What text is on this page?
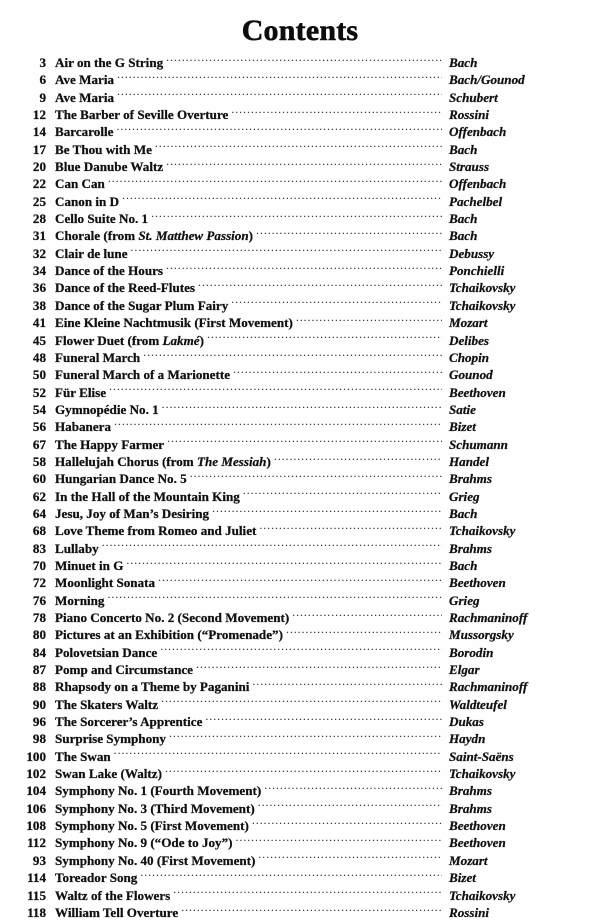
Contents
3 Air on the G String .....	Bach
6 Ave Maria .....	Bach/Gounod
9 Ave Maria .....	Schubert
12 The Barber of Seville Overture .....	Rossini
14 Barcarolle .....	Offenbach
17 Be Thou with Me .....	Bach
20 Blue Danube Waltz .....	Strauss
22 Can Can .....	Offenbach
25 Canon in D .....	Pachelbel
28 Cello Suite No. 1 .....	Bach
31 Chorale (from St. Matthew Passion) .....	Bach
32 Clair de lune .....	Debussy
34 Dance of the Hours .....	Ponchielli
36 Dance of the Reed-Flutes .....	Tchaikovsky
38 Dance of the Sugar Plum Fairy .....	Tchaikovsky
41 Eine Kleine Nachtmusik (First Movement) .....	Mozart
45 Flower Duet (from Lakmé) .....	Delibes
48 Funeral March .....	Chopin
50 Funeral March of a Marionette .....	Gounod
52 Für Elise .....	Beethoven
54 Gymnopédie No. 1 .....	Satie
56 Habanera .....	Bizet
67 The Happy Farmer .....	Schumann
58 Hallelujah Chorus (from The Messiah) .....	Handel
60 Hungarian Dance No. 5 .....	Brahms
62 In the Hall of the Mountain King .....	Grieg
64 Jesu, Joy of Man’s Desiring .....	Bach
68 Love Theme from Romeo and Juliet .....	Tchaikovsky
83 Lullaby .....	Brahms
70 Minuet in G .....	Bach
72 Moonlight Sonata .....	Beethoven
76 Morning .....	Grieg
78 Piano Concerto No. 2 (Second Movement) .....	Rachmaninoff
80 Pictures at an Exhibition (“Promenade”) .....	Mussorgsky
84 Polovetsian Dance .....	Borodin
87 Pomp and Circumstance .....	Elgar
88 Rhapsody on a Theme by Paganini .....	Rachmaninoff
90 The Skaters Waltz .....	Waldteufel
96 The Sorcerer’s Apprentice .....	Dukas
98 Surprise Symphony .....	Haydn
100 The Swan .....	Saint-Saëns
102 Swan Lake (Waltz) .....	Tchaikovsky
104 Symphony No. 1 (Fourth Movement) .....	Brahms
106 Symphony No. 3 (Third Movement) .....	Brahms
108 Symphony No. 5 (First Movement) .....	Beethoven
112 Symphony No. 9 (“Ode to Joy”) .....	Beethoven
93 Symphony No. 40 (First Movement) .....	Mozart
114 Toreador Song .....	Bizet
115 Waltz of the Flowers .....	Tchaikovsky
118 William Tell Overture .....	Rossini
